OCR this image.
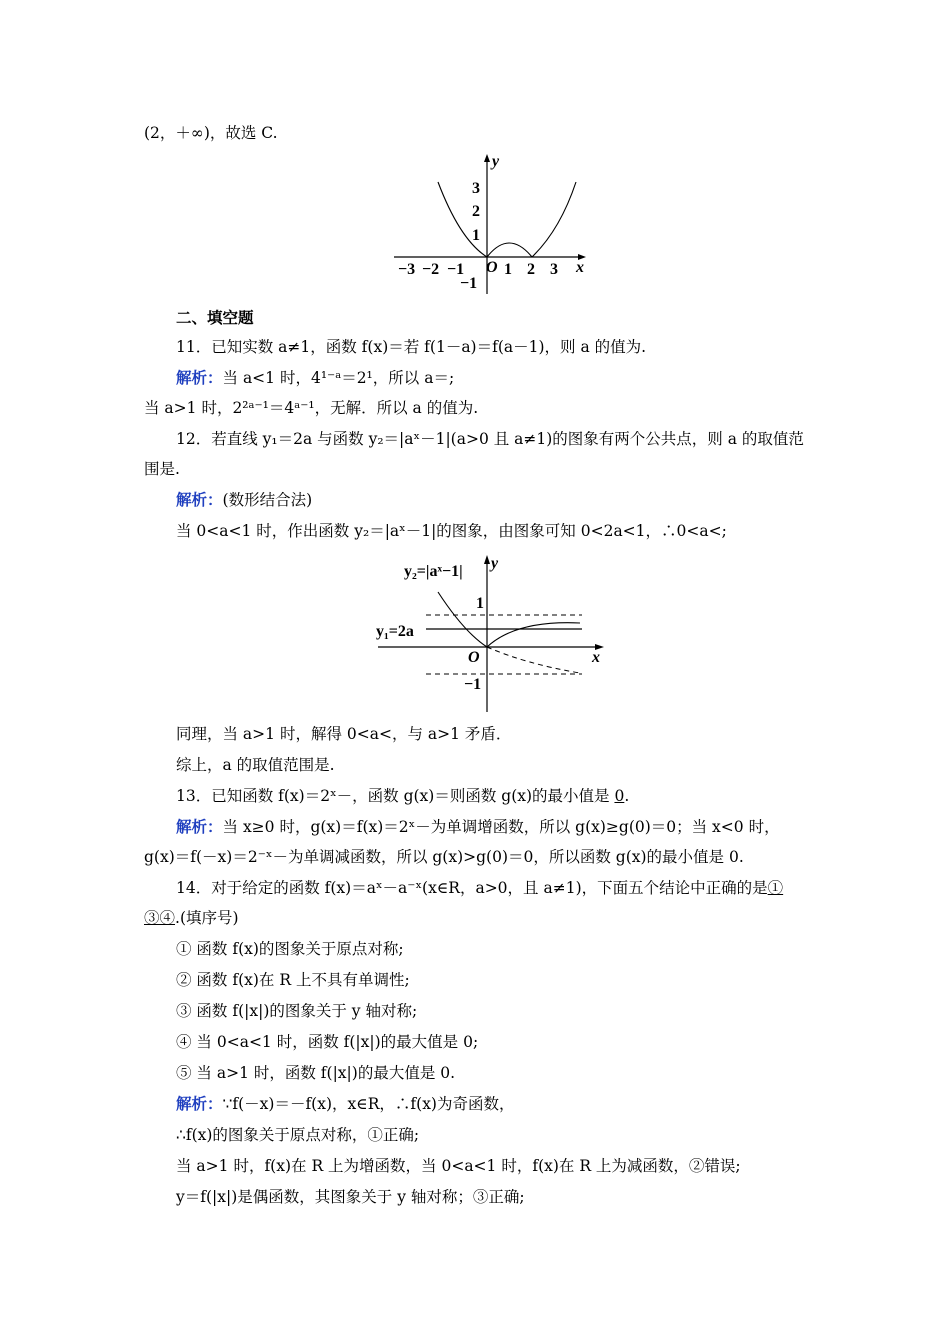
(2，＋∞)，故选 C.
y
x
O
−3 −2 −1 1 2 3
3
2
1
−1
二、填空题
11．已知实数 a≠1，函数 f(x)＝若 f(1－a)＝f(a－1)，则 a 的值为.
解析：当 a<1 时，4¹⁻ᵃ＝2¹，所以 a＝;
当 a>1 时，2²ᵃ⁻¹＝4ᵃ⁻¹，无解．所以 a 的值为.
12．若直线 y₁＝2a 与函数 y₂＝|aˣ－1|(a>0 且 a≠1)的图象有两个公共点，则 a 的取值范
围是.
解析：(数形结合法)
当 0<a<1 时，作出函数 y₂＝|aˣ－1|的图象，由图象可知 0<2a<1，∴0<a<;
y₂=|aˣ−1|
y₁=2a
y
x
O
1
−1
同理，当 a>1 时，解得 0<a<，与 a>1 矛盾．
综上，a 的取值范围是.
13．已知函数 f(x)＝2ˣ－，函数 g(x)＝则函数 g(x)的最小值是 0.
解析：当 x≥0 时，g(x)＝f(x)＝2ˣ－为单调增函数，所以 g(x)≥g(0)＝0；当 x<0 时，
g(x)＝f(－x)＝2⁻ˣ－为单调减函数，所以 g(x)>g(0)＝0，所以函数 g(x)的最小值是 0.
14．对于给定的函数 f(x)＝aˣ－a⁻ˣ(x∈R，a>0，且 a≠1)，下面五个结论中正确的是①
③④.(填序号)
① 函数 f(x)的图象关于原点对称;
② 函数 f(x)在 R 上不具有单调性;
③ 函数 f(|x|)的图象关于 y 轴对称;
④ 当 0<a<1 时，函数 f(|x|)的最大值是 0;
⑤ 当 a>1 时，函数 f(|x|)的最大值是 0.
解析：∵f(－x)＝－f(x)，x∈R，∴f(x)为奇函数，
∴f(x)的图象关于原点对称，①正确;
当 a>1 时，f(x)在 R 上为增函数，当 0<a<1 时，f(x)在 R 上为减函数，②错误;
y＝f(|x|)是偶函数，其图象关于 y 轴对称；③正确;
